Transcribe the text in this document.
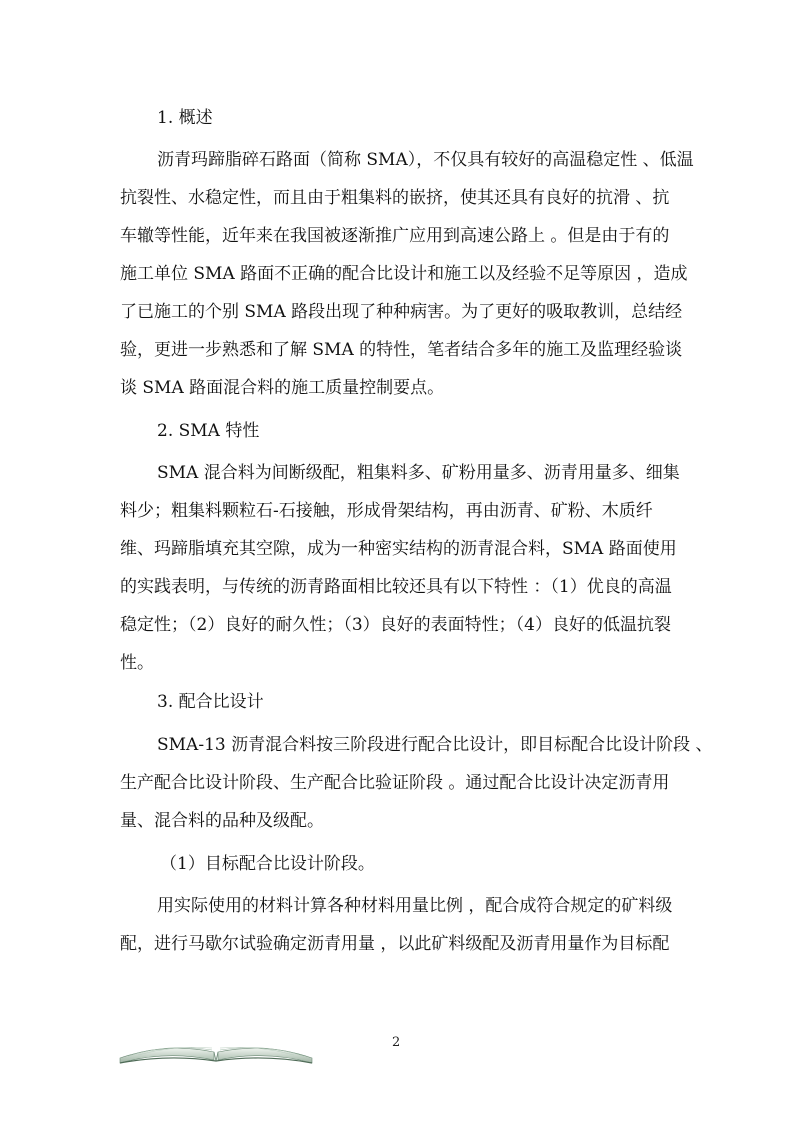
1. 概述
沥青玛蹄脂碎石路面（简称 SMA），不仅具有较好的高温稳定性 、低温
抗裂性、水稳定性，而且由于粗集料的嵌挤，使其还具有良好的抗滑 、抗
车辙等性能，近年来在我国被逐渐推广应用到高速公路上 。但是由于有的
施工单位 SMA 路面不正确的配合比设计和施工以及经验不足等原因 ，造成
了已施工的个别 SMA 路段出现了种种病害。为了更好的吸取教训，总结经
验，更进一步熟悉和了解 SMA 的特性，笔者结合多年的施工及监理经验谈
谈 SMA 路面混合料的施工质量控制要点。
2. SMA 特性
SMA 混合料为间断级配，粗集料多、矿粉用量多、沥青用量多、细集
料少；粗集料颗粒石-石接触，形成骨架结构，再由沥青、矿粉、木质纤
维、玛蹄脂填充其空隙，成为一种密实结构的沥青混合料，SMA 路面使用
的实践表明，与传统的沥青路面相比较还具有以下特性 ：（1）优良的高温
稳定性；（2）良好的耐久性；（3）良好的表面特性；（4）良好的低温抗裂
性。
3. 配合比设计
SMA-13 沥青混合料按三阶段进行配合比设计，即目标配合比设计阶段 、
生产配合比设计阶段、生产配合比验证阶段 。通过配合比设计决定沥青用
量、混合料的品种及级配。
（1）目标配合比设计阶段。
用实际使用的材料计算各种材料用量比例 ，配合成符合规定的矿料级
配，进行马歇尔试验确定沥青用量 ，以此矿料级配及沥青用量作为目标配
2
